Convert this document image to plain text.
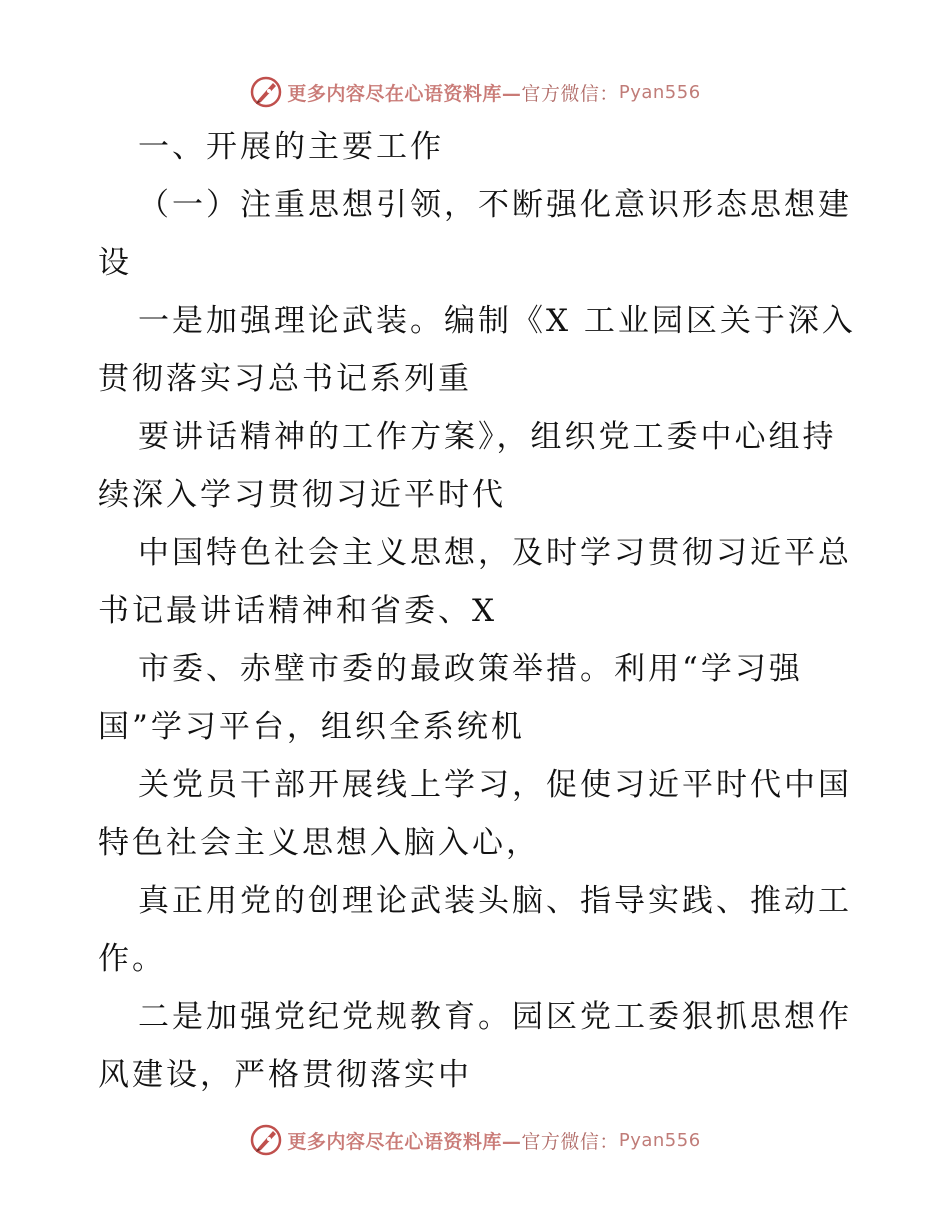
更多内容尽在心语资料库— 官方微信： Pyan556
一、开展的主要工作
（一）注重思想引领，不断强化意识形态思想建
设
一是加强理论武装。编制《X 工业园区关于深入
贯彻落实习总书记系列重
要讲话精神的工作方案》，组织党工委中心组持
续深入学习贯彻习近平时代
中国特色社会主义思想，及时学习贯彻习近平总
书记最讲话精神和省委、X
市委、赤壁市委的最政策举措。利用“学习强
国”学习平台，组织全系统机
关党员干部开展线上学习，促使习近平时代中国
特色社会主义思想入脑入心，
真正用党的创理论武装头脑、指导实践、推动工
作。
二是加强党纪党规教育。园区党工委狠抓思想作
风建设，严格贯彻落实中
更多内容尽在心语资料库— 官方微信： Pyan556
